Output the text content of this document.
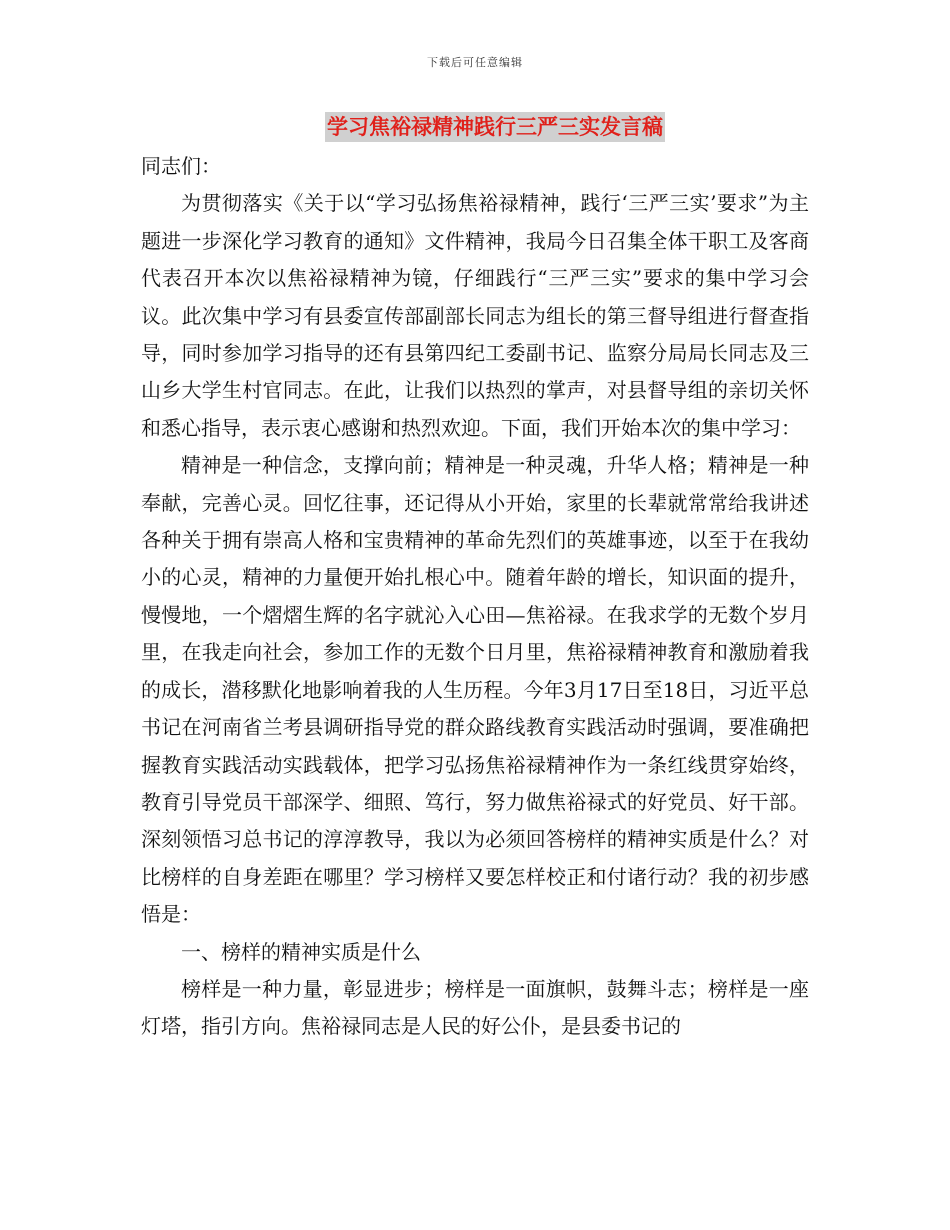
下载后可任意编辑
学习焦裕禄精神践行三严三实发言稿

同志们：

为贯彻落实《关于以“学习弘扬焦裕禄精神，践行‘三严三实’要求”为主题进一步深化学习教育的通知》文件精神，我局今日召集全体干职工及客商代表召开本次以焦裕禄精神为镜，仔细践行“三严三实”要求的集中学习会议。此次集中学习有县委宣传部副部长同志为组长的第三督导组进行督查指导，同时参加学习指导的还有县第四纪工委副书记、监察分局局长同志及三山乡大学生村官同志。在此，让我们以热烈的掌声，对县督导组的亲切关怀和悉心指导，表示衷心感谢和热烈欢迎。下面，我们开始本次的集中学习：

精神是一种信念，支撑向前；精神是一种灵魂，升华人格；精神是一种奉献，完善心灵。回忆往事，还记得从小开始，家里的长辈就常常给我讲述各种关于拥有崇高人格和宝贵精神的革命先烈们的英雄事迹，以至于在我幼小的心灵，精神的力量便开始扎根心中。随着年龄的增长，知识面的提升，慢慢地，一个熠熠生辉的名字就沁入心田—焦裕禄。在我求学的无数个岁月里，在我走向社会，参加工作的无数个日月里，焦裕禄精神教育和激励着我的成长，潜移默化地影响着我的人生历程。今年3月17日至18日，习近平总书记在河南省兰考县调研指导党的群众路线教育实践活动时强调，要准确把握教育实践活动实践载体，把学习弘扬焦裕禄精神作为一条红线贯穿始终，教育引导党员干部深学、细照、笃行，努力做焦裕禄式的好党员、好干部。深刻领悟习总书记的淳淳教导，我以为必须回答榜样的精神实质是什么？对比榜样的自身差距在哪里？学习榜样又要怎样校正和付诸行动？我的初步感悟是：

一、榜样的精神实质是什么

榜样是一种力量，彰显进步；榜样是一面旗帜，鼓舞斗志；榜样是一座灯塔，指引方向。焦裕禄同志是人民的好公仆，是县委书记的
